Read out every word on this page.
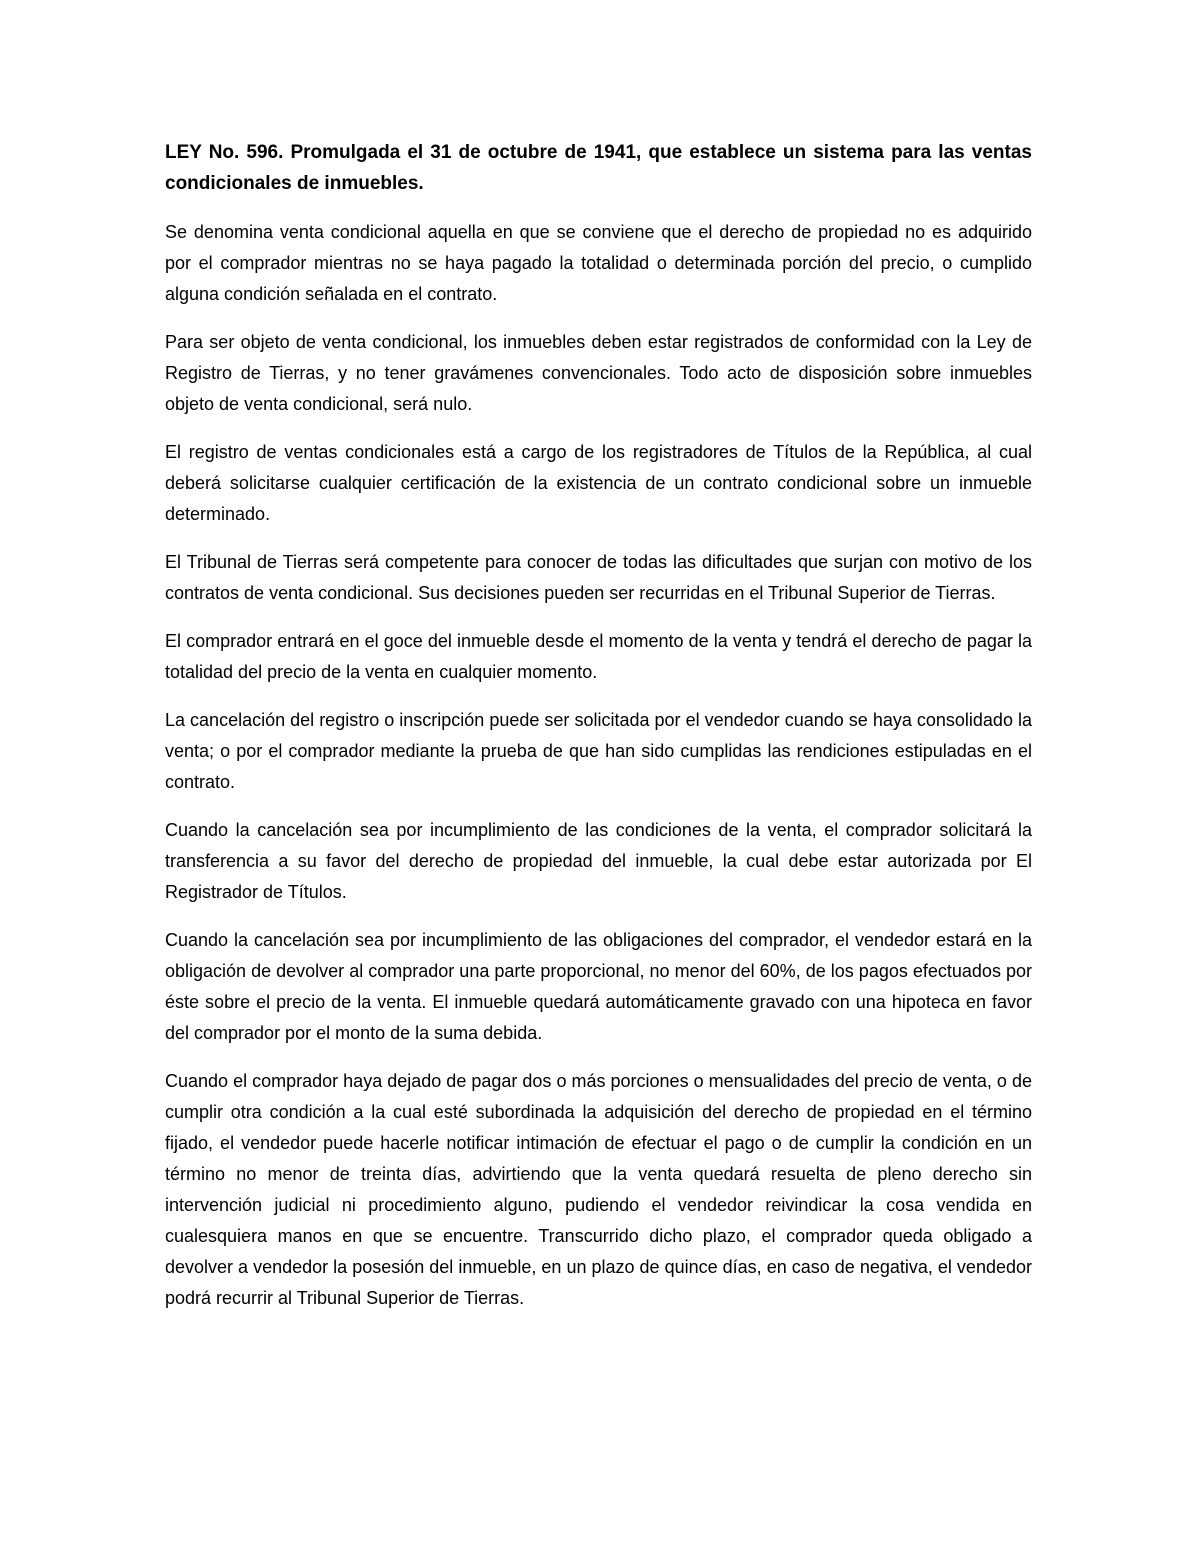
LEY No. 596. Promulgada el 31 de octubre de 1941, que establece un sistema para las ventas condicionales de inmuebles.

Se denomina venta condicional aquella en que se conviene que el derecho de propiedad no es adquirido por el comprador mientras no se haya pagado la totalidad o determinada porción del precio, o cumplido alguna condición señalada en el contrato.

Para ser objeto de venta condicional, los inmuebles deben estar registrados de conformidad con la Ley de Registro de Tierras, y no tener gravámenes convencionales. Todo acto de disposición sobre inmuebles objeto de venta condicional, será nulo.

El registro de ventas condicionales está a cargo de los registradores de Títulos de la República, al cual deberá solicitarse cualquier certificación de la existencia de un contrato condicional sobre un inmueble determinado.

El Tribunal de Tierras será competente para conocer de todas las dificultades que surjan con motivo de los contratos de venta condicional. Sus decisiones pueden ser recurridas en el Tribunal Superior de Tierras.

El comprador entrará en el goce del inmueble desde el momento de la venta y tendrá el derecho de pagar la totalidad del precio de la venta en cualquier momento.

La cancelación del registro o inscripción puede ser solicitada por el vendedor cuando se haya consolidado la venta; o por el comprador mediante la prueba de que han sido cumplidas las rendiciones estipuladas en el contrato.

Cuando la cancelación sea por incumplimiento de las condiciones de la venta, el comprador solicitará la transferencia a su favor del derecho de propiedad del inmueble, la cual debe estar autorizada por El Registrador de Títulos.

Cuando la cancelación sea por incumplimiento de las obligaciones del comprador, el vendedor estará en la obligación de devolver al comprador una parte proporcional, no menor del 60%, de los pagos efectuados por éste sobre el precio de la venta. El inmueble quedará automáticamente gravado con una hipoteca en favor del comprador por el monto de la suma debida.

Cuando el comprador haya dejado de pagar dos o más porciones o mensualidades del precio de venta, o de cumplir otra condición a la cual esté subordinada la adquisición del derecho de propiedad en el término fijado, el vendedor puede hacerle notificar intimación de efectuar el pago o de cumplir la condición en un término no menor de treinta días, advirtiendo que la venta quedará resuelta de pleno derecho sin intervención judicial ni procedimiento alguno, pudiendo el vendedor reivindicar la cosa vendida en cualesquiera manos en que se encuentre. Transcurrido dicho plazo, el comprador queda obligado a devolver a vendedor la posesión del inmueble, en un plazo de quince días, en caso de negativa, el vendedor podrá recurrir al Tribunal Superior de Tierras.
